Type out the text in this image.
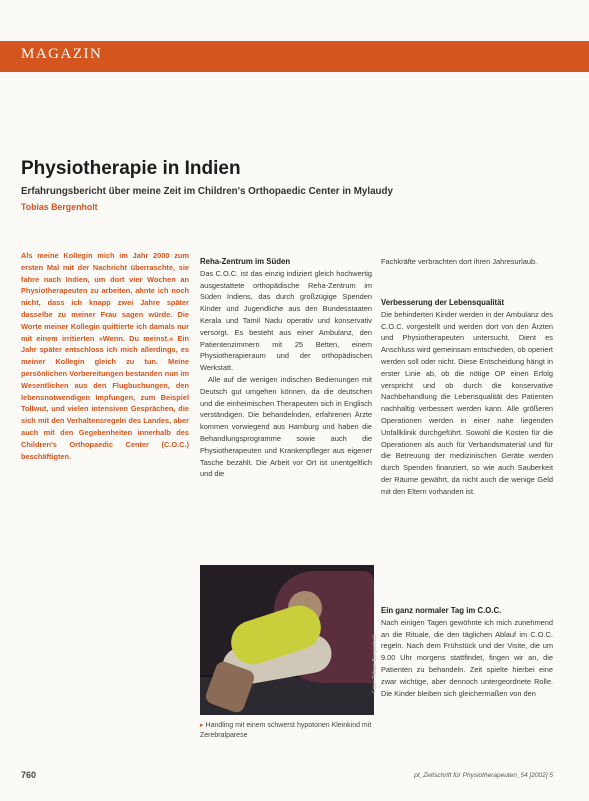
MAGAZIN
Physiotherapie in Indien
Erfahrungsbericht über meine Zeit im Children's Orthopaedic Center in Mylaudy
Tobias Bergenholt

Als meine Kollegin mich im Jahr 2000 zum ersten Mal mit der Nachricht überraschte, sie fahre nach Indien, um dort vier Wochen an Physiotherapeuten zu arbeiten, ahnte ich noch nicht, dass ich knapp zwei Jahre später dasselbe zu meiner Frau sagen würde. Die Worte meiner Kollegin quittierte ich damals nur mit einem irritierten »Wenn. Du meinst.« Ein Jahr später entschloss ich mich allerdings, es meiner Kollegin gleich zu tun. Meine persönlichen Vorbereitungen bestanden nun im Wesentlichen aus den Flugbuchungen, den lebensnotwendigen Impfungen, zum Beispiel Tollwut, und vielen intensiven Gesprächen, die sich mit den Verhaltensregeln des Landes, aber auch mit den Gegebenheiten innerhalb des Children's Orthopaedic Center (C.O.C.) beschäftigten.

Reha-Zentrum im Süden

Das C.O.C. ist das einzig indiziert gleich hochwertig ausgestattete orthopädische Reha-Zentrum im Süden Indiens, das durch großzügige Spenden Kinder und Jugendliche aus den Bundesstaaten Kerala und Tamil Nadu operativ und konservativ versorgt. Es besteht aus einer Ambulanz, den Patientenzimmern mit 25 Betten, einem Physiotherapieraum und der orthopädischen Werkstatt.

Alle auf die wenigen indischen Bedienungen mit Deutsch gut umgehen können, da die deutschen und die einheimischen Therapeuten sich in Englisch verständigen. Die behandelnden, erfahrenen Ärzte kommen vorwiegend aus Hamburg und haben die Behandlungsprogramme sowie auch die Physiotherapeuten und Krankenpfleger aus eigener Tasche bezahlt. Die Arbeit vor Ort ist unentgeltlich und die

Fachkräfte verbrachten dort ihren Jahresurlaub.

Verbesserung der Lebensqualität

Die behinderten Kinder werden in der Ambulanz des C.O.C. vorgestellt und werden dort von den Ärzten und Physiotherapeuten untersucht. Dient es Anschluss wird gemeinsam entschieden, ob operiert werden soll oder nicht. Diese Entscheidung hängt in erster Linie ab, ob die nötige OP einen Erfolg verspricht und ob durch die konservative Nachbehandlung die Lebensqualität des Patienten nachhaltig verbessert werden kann. Alle größeren Operationen werden in einer nahe liegenden Unfallklinik durchgeführt. Sowohl die Kosten für die Operationen als auch für Verbandsmaterial und für die Betreuung der medizinischen Geräte werden durch Spenden finanziert, so wie auch Sauberkeit der Räume gewährt, da nicht auch die wenige Geld mit den Eltern vorhanden ist.

Ein ganz normaler Tag im C.O.C.

Nach einigen Tagen gewöhnte ich mich zunehmend an die Rituale, die den täglichen Ablauf im C.O.C. regeln. Nach dem Frühstück und der Visite, die um 9.00 Uhr morgens stattfindet, fingen wir an, die Patienten zu behandeln. Zeit spielte hierbei eine zwar wichtige, aber dennoch untergeordnete Rolle. Die Kinder bleiben sich gleichermaßen von den

Foto: Tobias Bergenholt
▸ Handling mit einem schwerst hypotonen Kleinkind mit Zerebralparese
760	pt_Zeitschrift für Physiotherapeuten_54 [2002] 5
